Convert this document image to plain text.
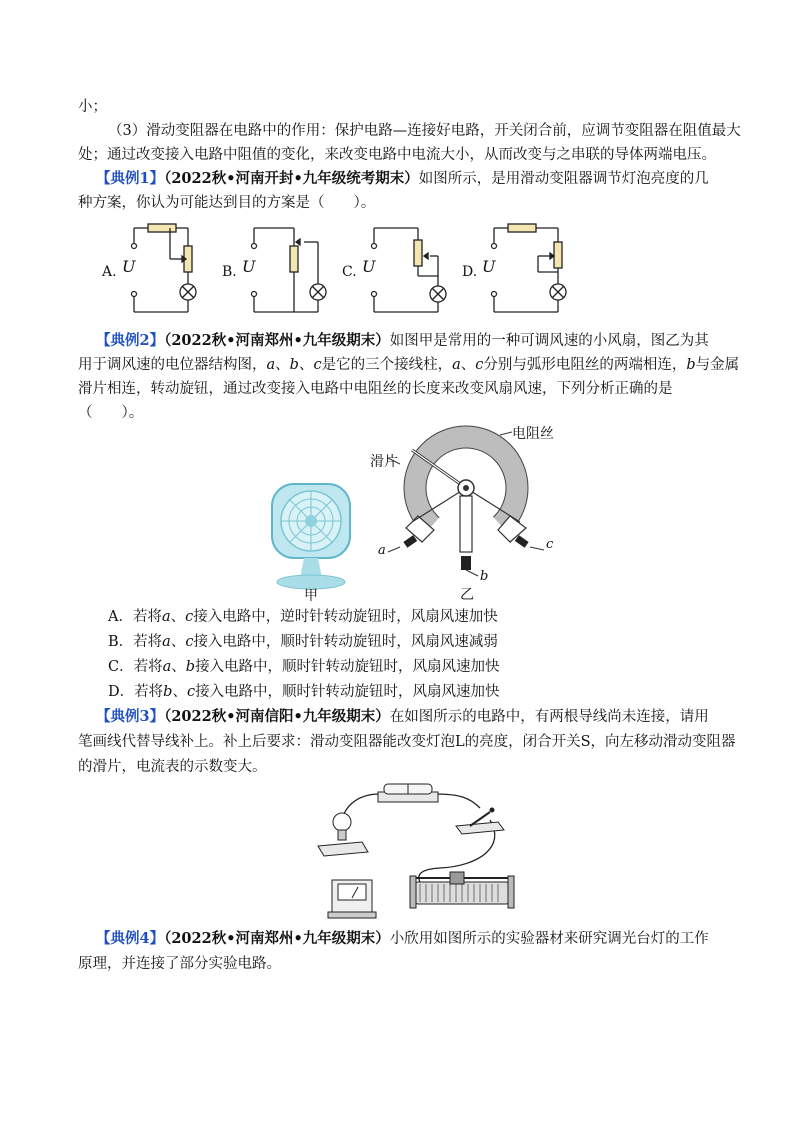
小；
（3）滑动变阻器在电路中的作用：保护电路—连接好电路，开关闭合前，应调节变阻器在阻值最大
处；通过改变接入电路中阻值的变化，来改变电路中电流大小，从而改变与之串联的导体两端电压。
【典例1】（2022秋•河南开封•九年级统考期末）如图所示，是用滑动变阻器调节灯泡亮度的几
种方案，你认为可能达到目的方案是（　　）。
A. U	B. U	C. U	D. U
【典例2】（2022秋•河南郑州•九年级期末）如图甲是常用的一种可调风速的小风扇，图乙为其
用于调风速的电位器结构图，a、b、c是它的三个接线柱，a、c分别与弧形电阻丝的两端相连，b与金属
滑片相连，转动旋钮，通过改变接入电路中电阻丝的长度来改变风扇风速，下列分析正确的是
（　　）。
甲
电阻丝
滑片
a	c
b
乙
A．若将a、c接入电路中，逆时针转动旋钮时，风扇风速加快
B．若将a、c接入电路中，顺时针转动旋钮时，风扇风速减弱
C．若将a、b接入电路中，顺时针转动旋钮时，风扇风速加快
D．若将b、c接入电路中，顺时针转动旋钮时，风扇风速加快
【典例3】（2022秋•河南信阳•九年级期末）在如图所示的电路中，有两根导线尚未连接，请用
笔画线代替导线补上。补上后要求：滑动变阻器能改变灯泡L的亮度，闭合开关S，向左移动滑动变阻器
的滑片，电流表的示数变大。
【典例4】（2022秋•河南郑州•九年级期末）小欣用如图所示的实验器材来研究调光台灯的工作
原理，并连接了部分实验电路。
